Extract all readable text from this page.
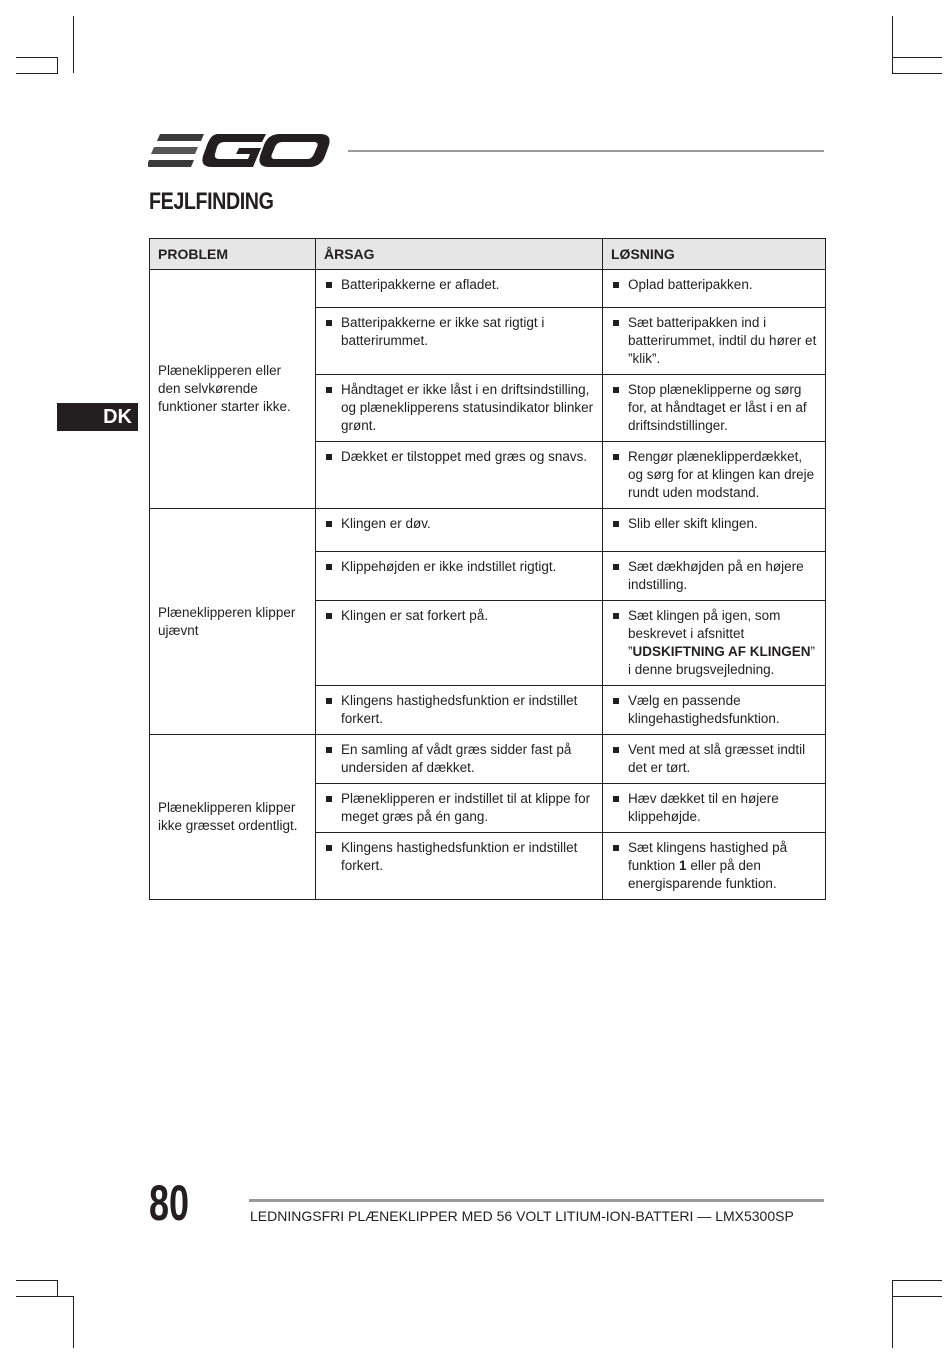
FEJLFINDING
DK
PROBLEM	ÅRSAG	LØSNING
Plæneklipperen eller den selvkørende funktioner starter ikke.	Batteripakkerne er afladet.	Oplad batteripakken.

	Batteripakkerne er ikke sat rigtigt i batterirummet.	Sæt batteripakken ind i batterirummet, indtil du hører et ”klik”.

	Håndtaget er ikke låst i en driftsindstilling, og plæneklipperens statusindikator blinker grønt.	Stop plæneklipperne og sørg for, at håndtaget er låst i en af driftsindstillinger.

	Dækket er tilstoppet med græs og snavs.	Rengør plæneklipperdækket, og sørg for at klingen kan dreje rundt uden modstand.

Plæneklipperen klipper ujævnt	Klingen er døv.	Slib eller skift klingen.

	Klippehøjden er ikke indstillet rigtigt.	Sæt dækhøjden på en højere indstilling.

	Klingen er sat forkert på.	Sæt klingen på igen, som beskrevet i afsnittet ”UDSKIFTNING AF KLINGEN” i denne brugsvejledning.

	Klingens hastighedsfunktion er indstillet forkert.	Vælg en passende klingehastighedsfunktion.

Plæneklipperen klipper ikke græsset ordentligt.	En samling af vådt græs sidder fast på undersiden af dækket.	Vent med at slå græsset indtil det er tørt.

	Plæneklipperen er indstillet til at klippe for meget græs på én gang.	Hæv dækket til en højere klippehøjde.

	Klingens hastighedsfunktion er indstillet forkert.	Sæt klingens hastighed på funktion 1 eller på den energisparende funktion.
80	LEDNINGSFRI PLÆNEKLIPPER MED 56 VOLT LITIUM-ION-BATTERI — LMX5300SP
